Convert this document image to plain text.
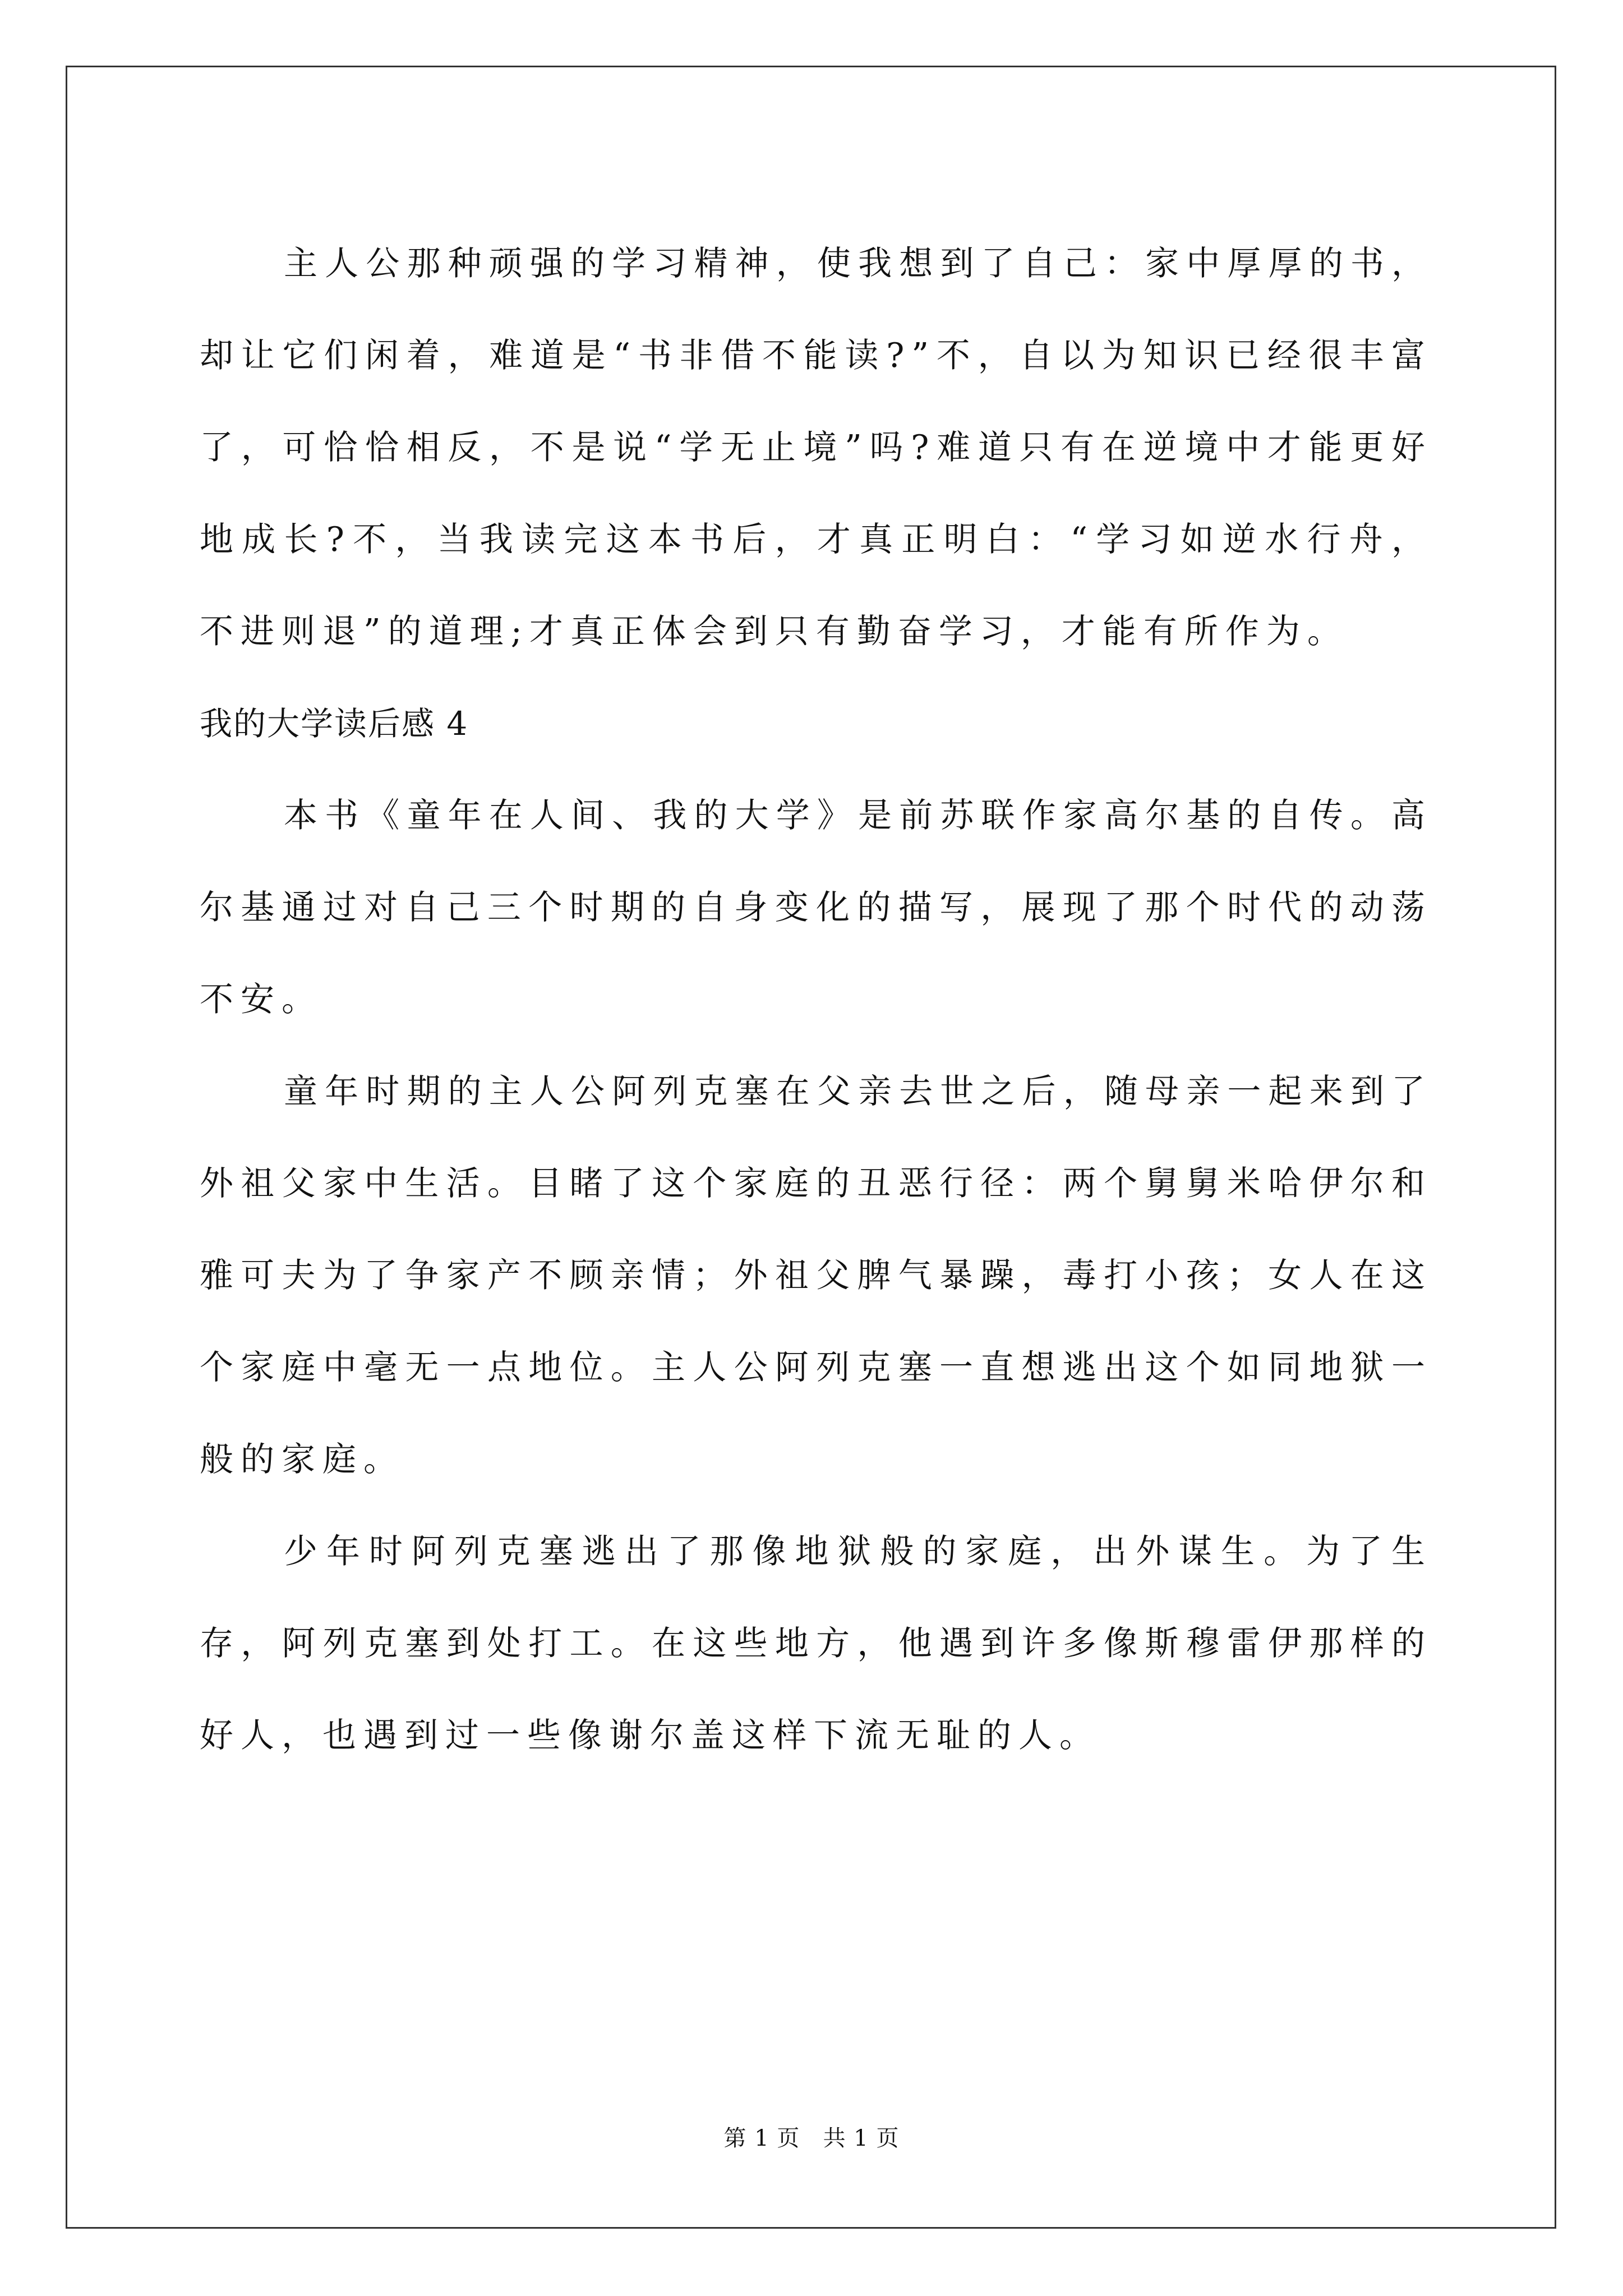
主人公那种顽强的学习精神，使我想到了自己：家中厚厚的书，却让它们闲着，难道是“书非借不能读?”不，自以为知识已经很丰富了，可恰恰相反，不是说“学无止境”吗?难道只有在逆境中才能更好地成长?不，当我读完这本书后，才真正明白：“学习如逆水行舟，不进则退”的道理;才真正体会到只有勤奋学习，才能有所作为。

我的大学读后感 4

本书《童年在人间、我的大学》是前苏联作家高尔基的自传。高尔基通过对自己三个时期的自身变化的描写，展现了那个时代的动荡不安。

童年时期的主人公阿列克塞在父亲去世之后，随母亲一起来到了外祖父家中生活。目睹了这个家庭的丑恶行径：两个舅舅米哈伊尔和雅可夫为了争家产不顾亲情；外祖父脾气暴躁，毒打小孩；女人在这个家庭中毫无一点地位。主人公阿列克塞一直想逃出这个如同地狱一般的家庭。

少年时阿列克塞逃出了那像地狱般的家庭，出外谋生。为了生存，阿列克塞到处打工。在这些地方，他遇到许多像斯穆雷伊那样的好人，也遇到过一些像谢尔盖这样下流无耻的人。

第 1 页 共 1 页
